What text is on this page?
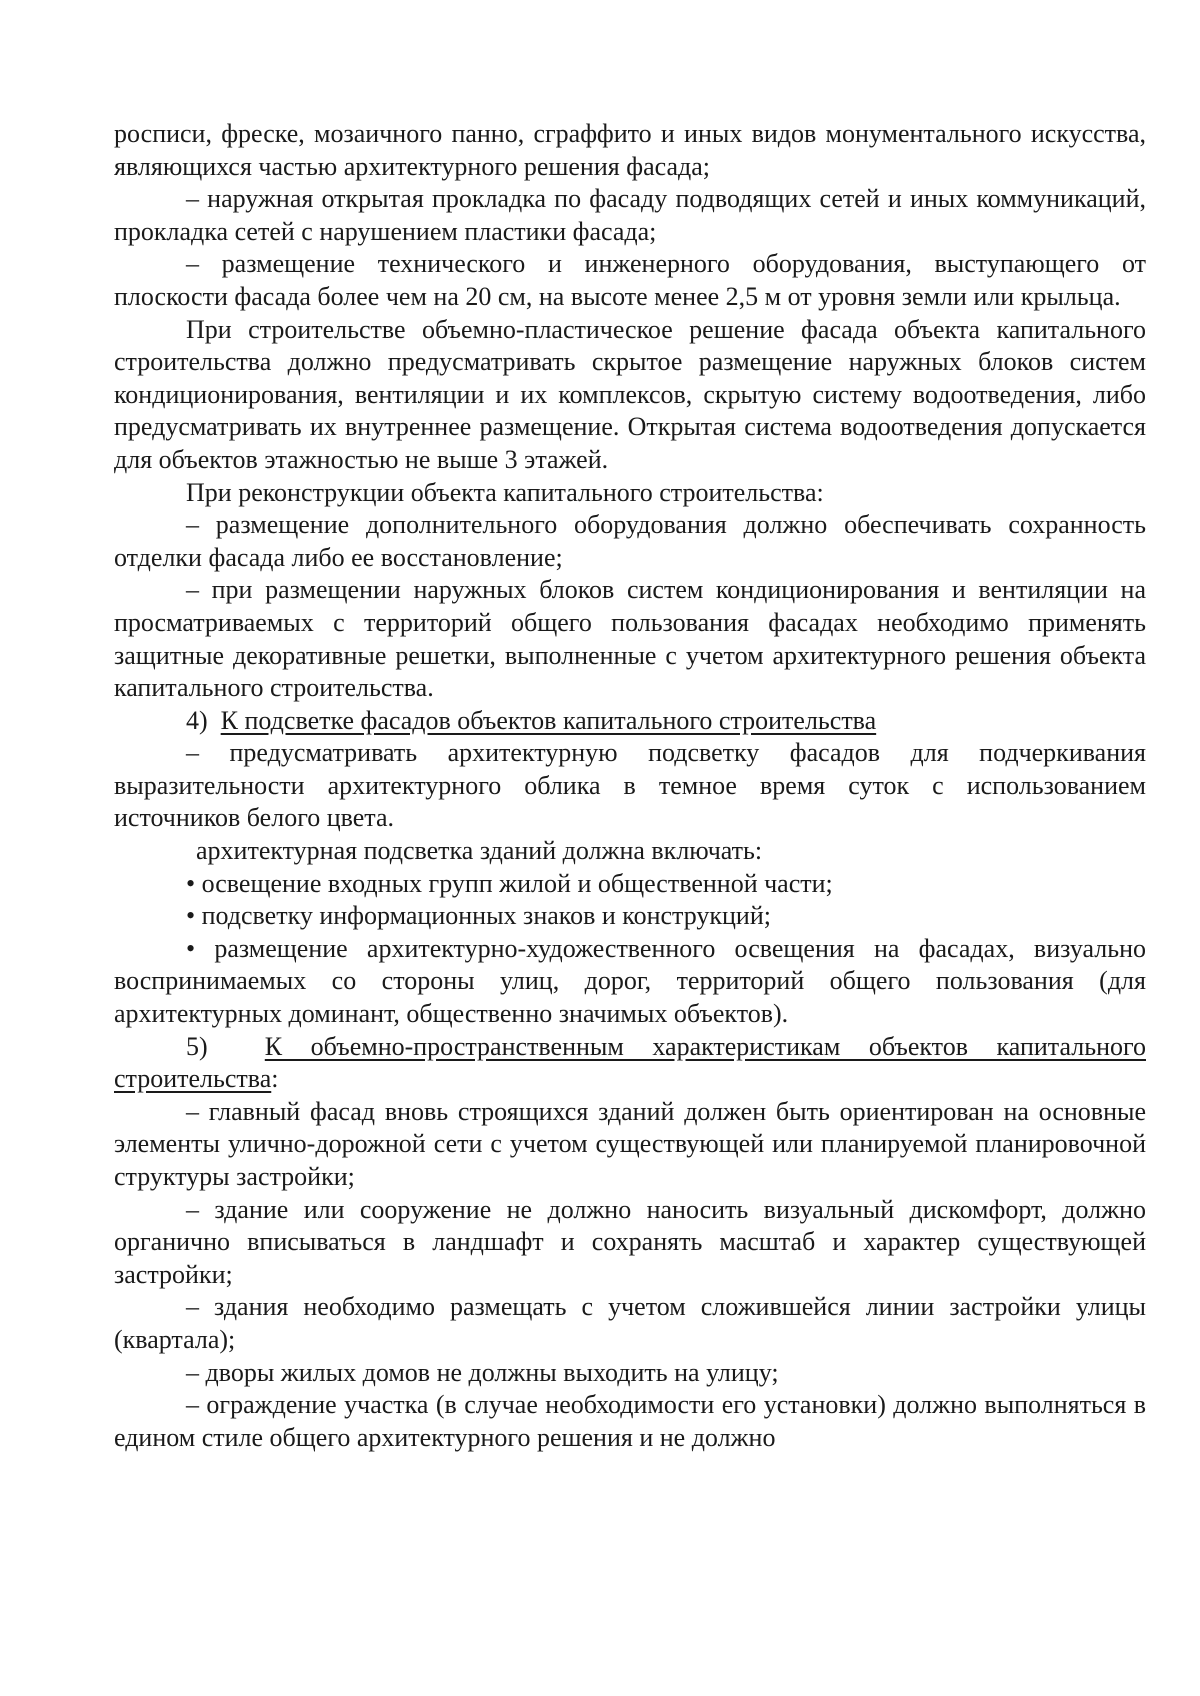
росписи, фреске, мозаичного панно, сграффито и иных видов монументального искусства, являющихся частью архитектурного решения фасада;

– наружная открытая прокладка по фасаду подводящих сетей и иных коммуникаций, прокладка сетей с нарушением пластики фасада;

– размещение технического и инженерного оборудования, выступающего от плоскости фасада более чем на 20 см, на высоте менее 2,5 м от уровня земли или крыльца.

При строительстве объемно-пластическое решение фасада объекта капитального строительства должно предусматривать скрытое размещение наружных блоков систем кондиционирования, вентиляции и их комплексов, скрытую систему водоотведения, либо предусматривать их внутреннее размещение. Открытая система водоотведения допускается для объектов этажностью не выше 3 этажей.

При реконструкции объекта капитального строительства:

– размещение дополнительного оборудования должно обеспечивать сохранность отделки фасада либо ее восстановление;

– при размещении наружных блоков систем кондиционирования и вентиляции на просматриваемых с территорий общего пользования фасадах необходимо применять защитные декоративные решетки, выполненные с учетом архитектурного решения объекта капитального строительства.

4) К подсветке фасадов объектов капитального строительства

– предусматривать архитектурную подсветку фасадов для подчеркивания выразительности архитектурного облика в темное время суток с использованием источников белого цвета.

архитектурная подсветка зданий должна включать:

• освещение входных групп жилой и общественной части;

• подсветку информационных знаков и конструкций;

• размещение архитектурно-художественного освещения на фасадах, визуально воспринимаемых со стороны улиц, дорог, территорий общего пользования (для архитектурных доминант, общественно значимых объектов).

5) К объемно-пространственным характеристикам объектов капитального строительства:

– главный фасад вновь строящихся зданий должен быть ориентирован на основные элементы улично-дорожной сети с учетом существующей или планируемой планировочной структуры застройки;

– здание или сооружение не должно наносить визуальный дискомфорт, должно органично вписываться в ландшафт и сохранять масштаб и характер существующей застройки;

– здания необходимо размещать с учетом сложившейся линии застройки улицы (квартала);

– дворы жилых домов не должны выходить на улицу;

– ограждение участка (в случае необходимости его установки) должно выполняться в едином стиле общего архитектурного решения и не должно
